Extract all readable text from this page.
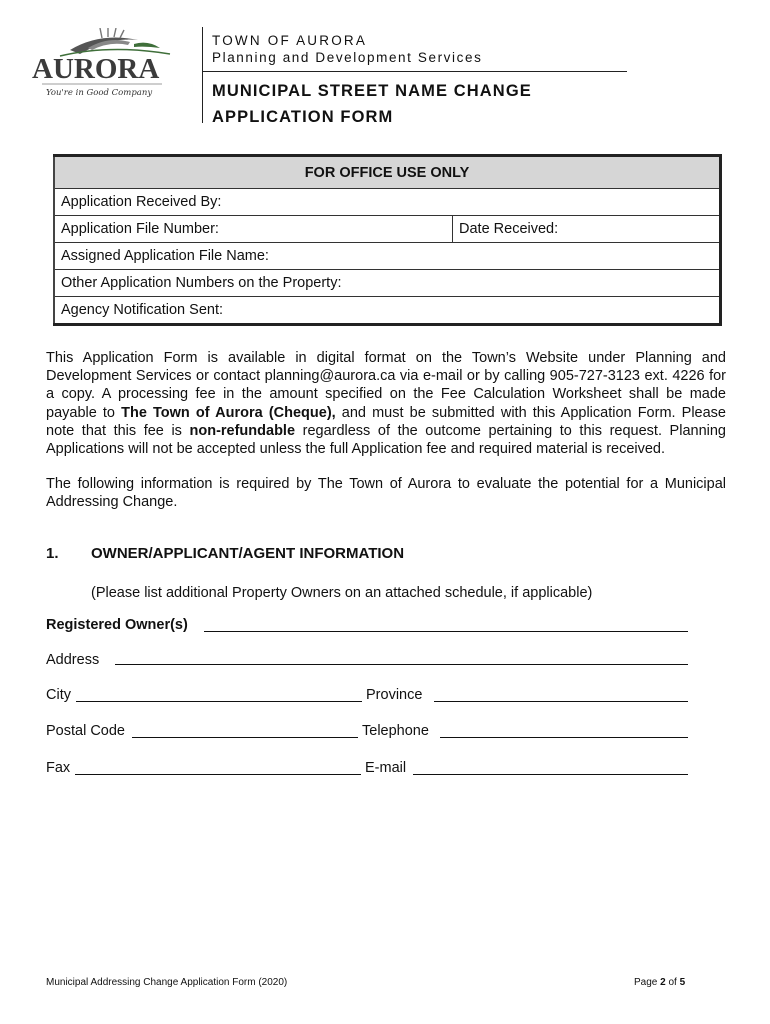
AURORA
You're in Good Company
TOWN OF AURORA
Planning and Development Services
MUNICIPAL STREET NAME CHANGE
APPLICATION FORM
FOR OFFICE USE ONLY
Application Received By:
Application File Number:	Date Received:
Assigned Application File Name:
Other Application Numbers on the Property:
Agency Notification Sent:
This Application Form is available in digital format on the Town’s Website under Planning and Development Services or contact planning@aurora.ca via e-mail or by calling 905-727-3123 ext. 4226 for a copy. A processing fee in the amount specified on the Fee Calculation Worksheet shall be made payable to The Town of Aurora (Cheque), and must be submitted with this Application Form. Please note that this fee is non-refundable regardless of the outcome pertaining to this request. Planning Applications will not be accepted unless the full Application fee and required material is received.
The following information is required by The Town of Aurora to evaluate the potential for a Municipal Addressing Change.
1. OWNER/APPLICANT/AGENT INFORMATION
(Please list additional Property Owners on an attached schedule, if applicable)
Registered Owner(s)
Address
City	Province
Postal Code	Telephone
Fax	E-mail
Municipal Addressing Change Application Form (2020)	Page 2 of 5
